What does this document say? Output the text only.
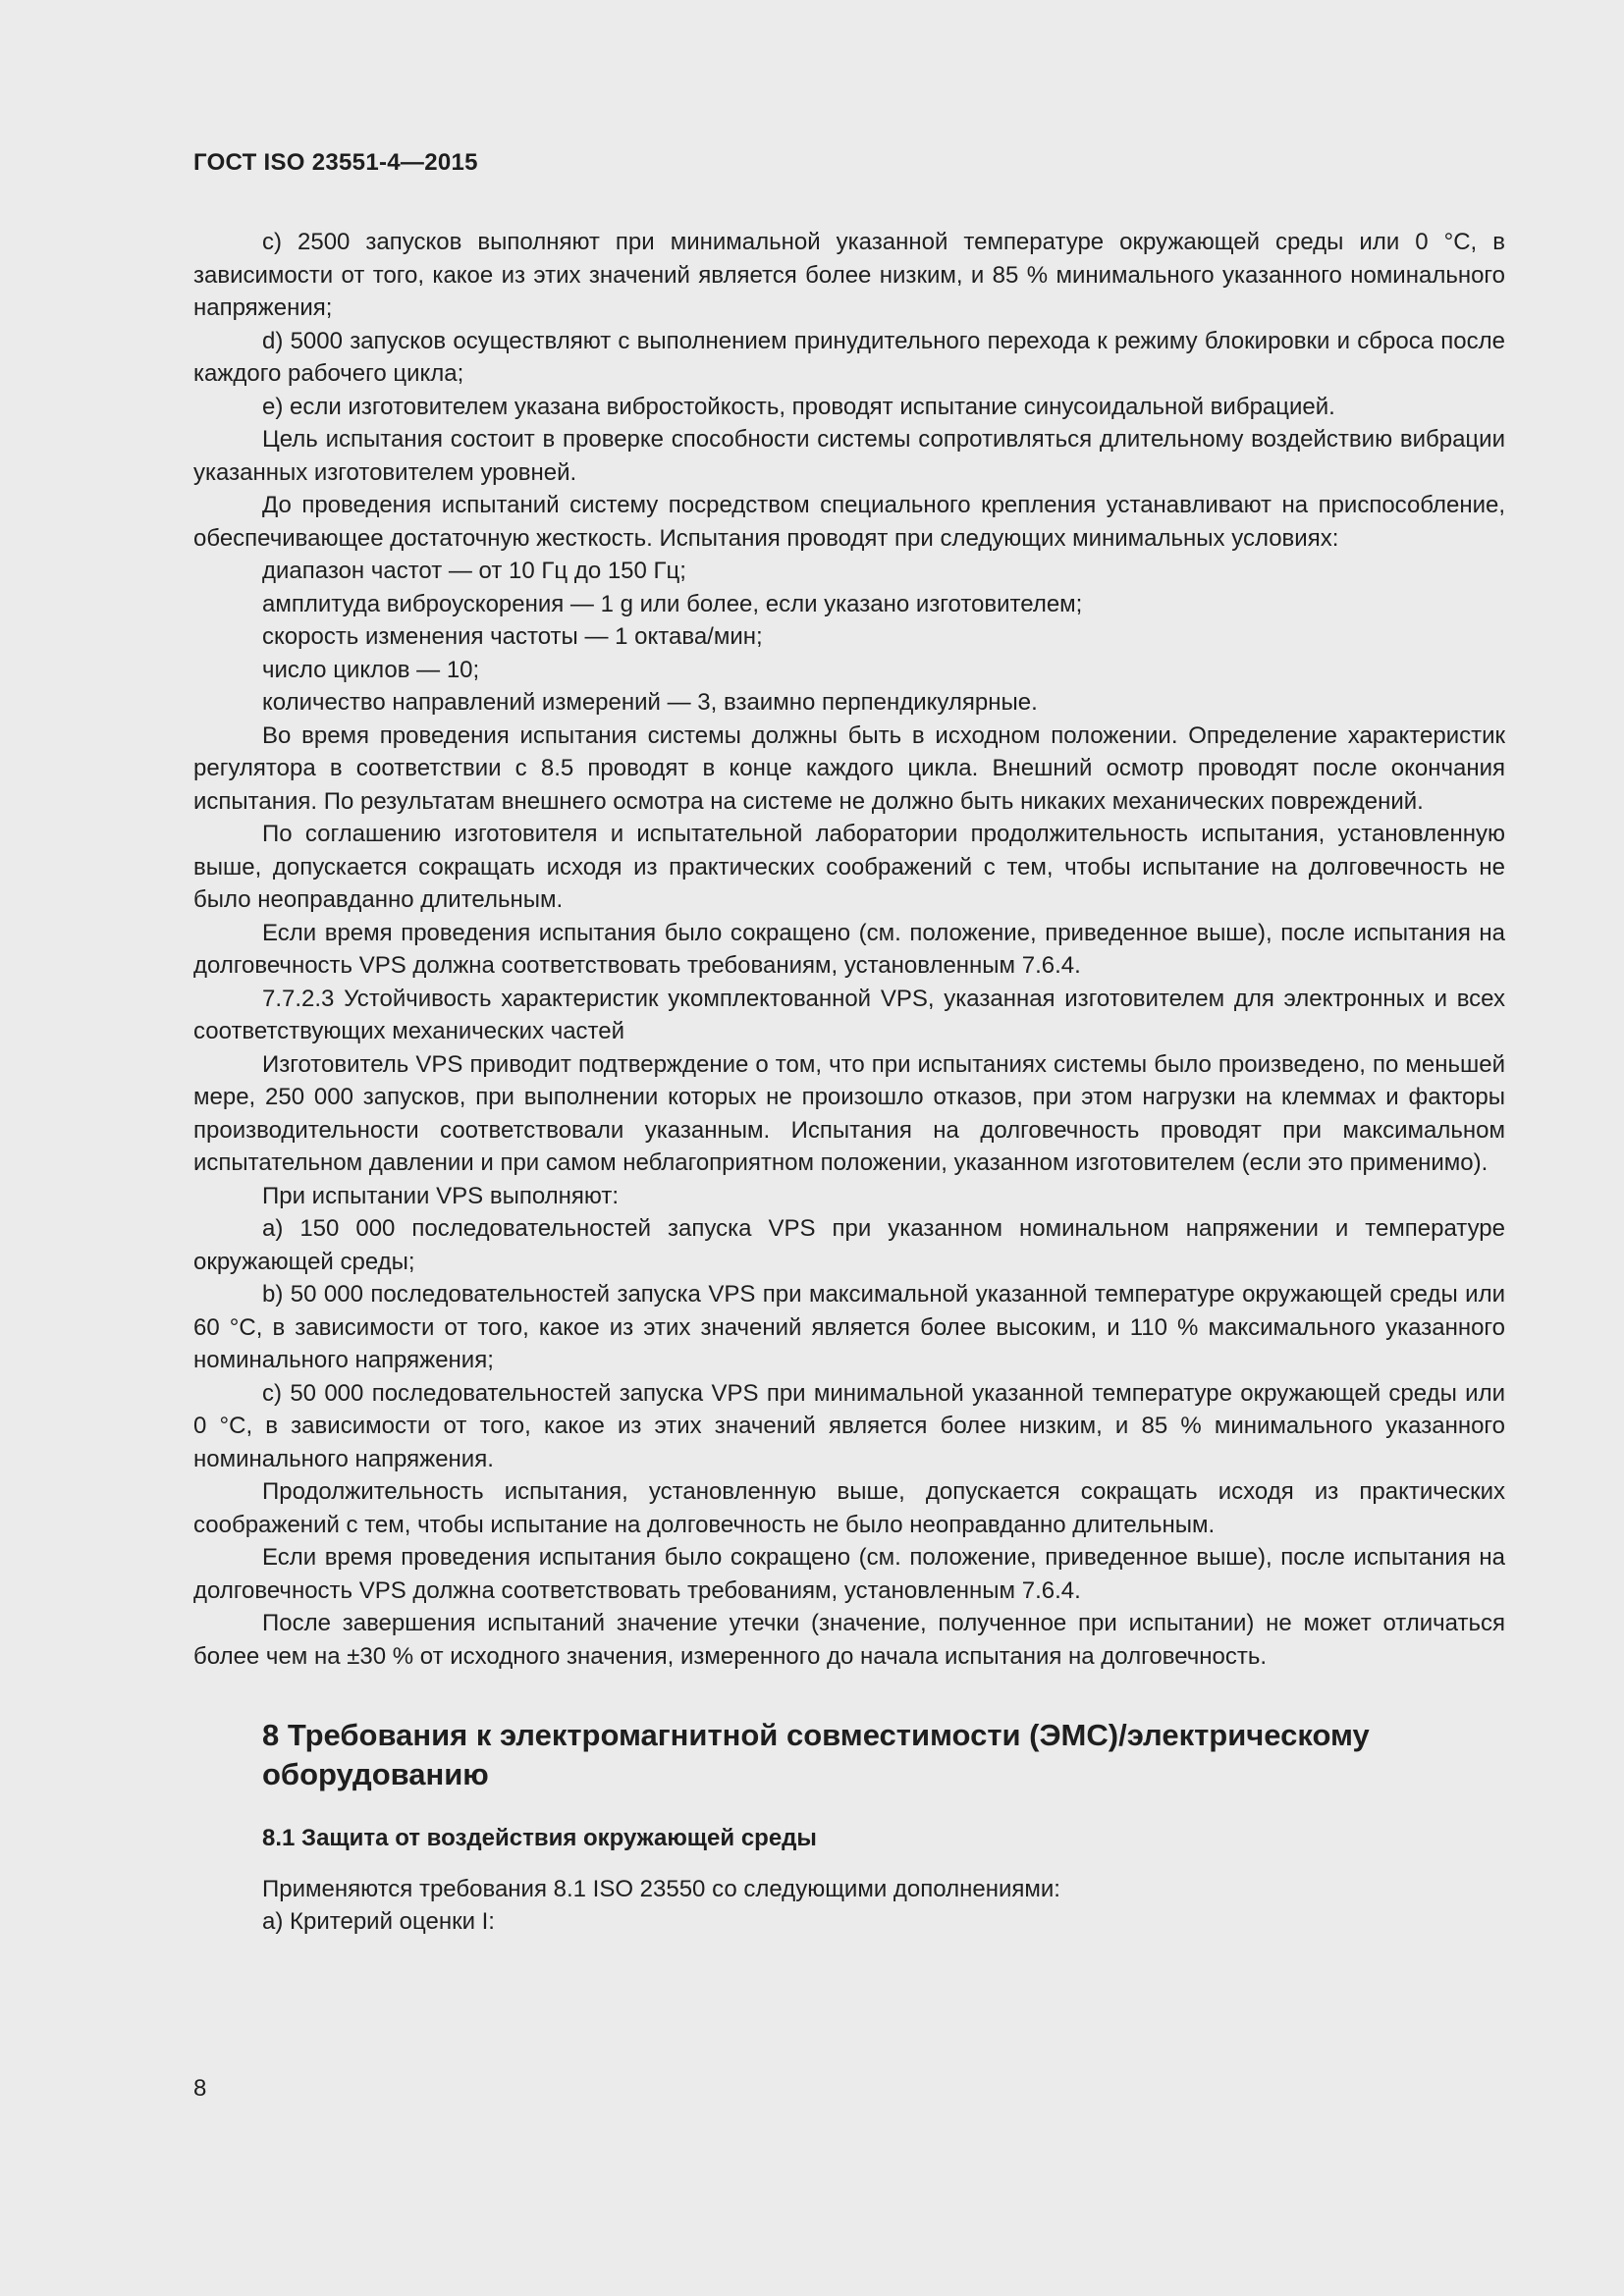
ГОСТ ISO 23551-4—2015

c) 2500 запусков выполняют при минимальной указанной температуре окружающей среды или 0 °С, в зависимости от того, какое из этих значений является более низким, и 85 % минимального указанного номинального напряжения;

d) 5000 запусков осуществляют с выполнением принудительного перехода к режиму блокировки и сброса после каждого рабочего цикла;

e) если изготовителем указана вибростойкость, проводят испытание синусоидальной вибрацией.

Цель испытания состоит в проверке способности системы сопротивляться длительному воздействию вибрации указанных изготовителем уровней.

До проведения испытаний систему посредством специального крепления устанавливают на приспособление, обеспечивающее достаточную жесткость. Испытания проводят при следующих минимальных условиях:

диапазон частот — от 10 Гц до 150 Гц;

амплитуда виброускорения — 1 g или более, если указано изготовителем;

скорость изменения частоты — 1 октава/мин;

число циклов — 10;

количество направлений измерений — 3, взаимно перпендикулярные.

Во время проведения испытания системы должны быть в исходном положении. Определение характеристик регулятора в соответствии с 8.5 проводят в конце каждого цикла. Внешний осмотр проводят после окончания испытания. По результатам внешнего осмотра на системе не должно быть никаких механических повреждений.

По соглашению изготовителя и испытательной лаборатории продолжительность испытания, установленную выше, допускается сокращать исходя из практических соображений с тем, чтобы испытание на долговечность не было неоправданно длительным.

Если время проведения испытания было сокращено (см. положение, приведенное выше), после испытания на долговечность VPS должна соответствовать требованиям, установленным 7.6.4.

7.7.2.3 Устойчивость характеристик укомплектованной VPS, указанная изготовителем для электронных и всех соответствующих механических частей

Изготовитель VPS приводит подтверждение о том, что при испытаниях системы было произведено, по меньшей мере, 250 000 запусков, при выполнении которых не произошло отказов, при этом нагрузки на клеммах и факторы производительности соответствовали указанным. Испытания на долговечность проводят при максимальном испытательном давлении и при самом неблагоприятном положении, указанном изготовителем (если это применимо).

При испытании VPS выполняют:

a) 150 000 последовательностей запуска VPS при указанном номинальном напряжении и температуре окружающей среды;

b) 50 000 последовательностей запуска VPS при максимальной указанной температуре окружающей среды или 60 °С, в зависимости от того, какое из этих значений является более высоким, и 110 % максимального указанного номинального напряжения;

c) 50 000 последовательностей запуска VPS при минимальной указанной температуре окружающей среды или 0 °С, в зависимости от того, какое из этих значений является более низким, и 85 % минимального указанного номинального напряжения.

Продолжительность испытания, установленную выше, допускается сокращать исходя из практических соображений с тем, чтобы испытание на долговечность не было неоправданно длительным.

Если время проведения испытания было сокращено (см. положение, приведенное выше), после испытания на долговечность VPS должна соответствовать требованиям, установленным 7.6.4.

После завершения испытаний значение утечки (значение, полученное при испытании) не может отличаться более чем на ±30 % от исходного значения, измеренного до начала испытания на долговечность.

8 Требования к электромагнитной совместимости (ЭМС)/электрическому оборудованию
8.1 Защита от воздействия окружающей среды

Применяются требования 8.1 ISO 23550 со следующими дополнениями:

а) Критерий оценки I:

8
